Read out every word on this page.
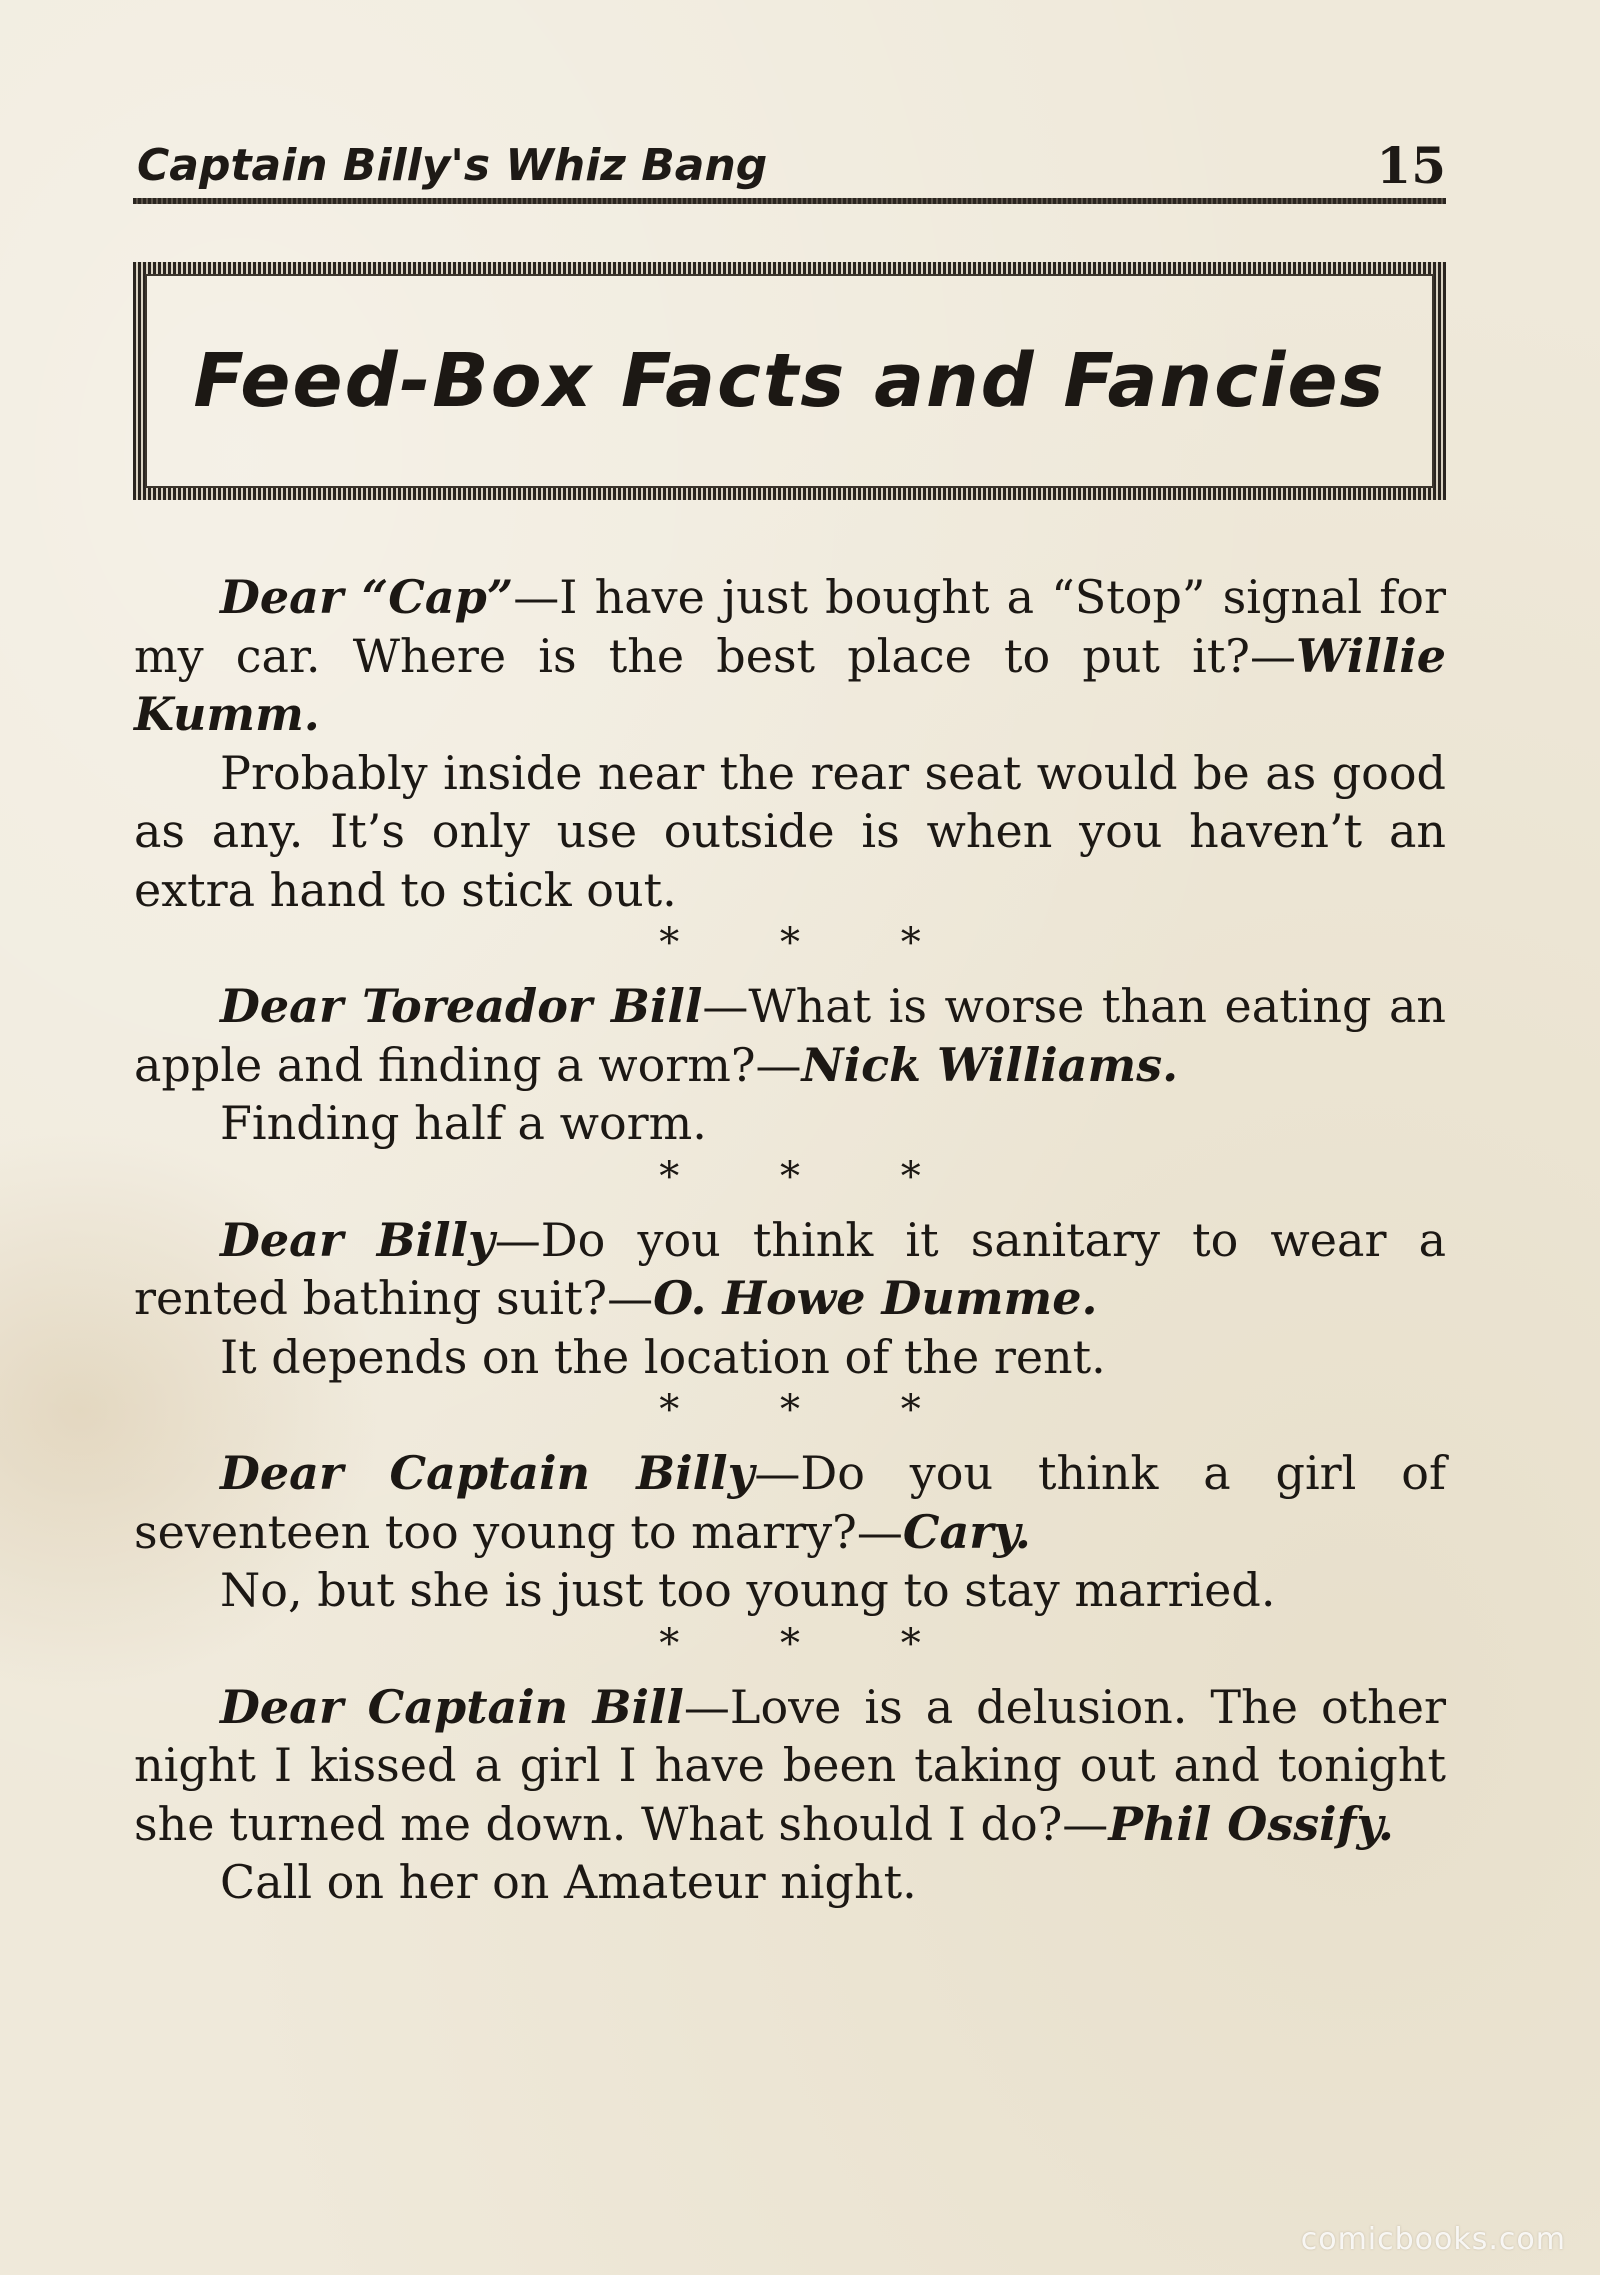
Captain Billy's Whiz Bang	15
Feed-Box Facts and Fancies

Dear “Cap”—I have just bought a “Stop” signal for my car. Where is the best place to put it?—Willie Kumm.

Probably inside near the rear seat would be as good as any. It’s only use outside is when you haven’t an extra hand to stick out.

* * *

Dear Toreador Bill—What is worse than eating an apple and finding a worm?—Nick Williams.

Finding half a worm.

* * *

Dear Billy—Do you think it sanitary to wear a rented bathing suit?—O. Howe Dumme.

It depends on the location of the rent.

* * *

Dear Captain Billy—Do you think a girl of seventeen too young to marry?—Cary.

No, but she is just too young to stay married.

* * *

Dear Captain Bill—Love is a delusion. The other night I kissed a girl I have been taking out and tonight she turned me down. What should I do?—Phil Ossify.

Call on her on Amateur night.

comicbooks.com
